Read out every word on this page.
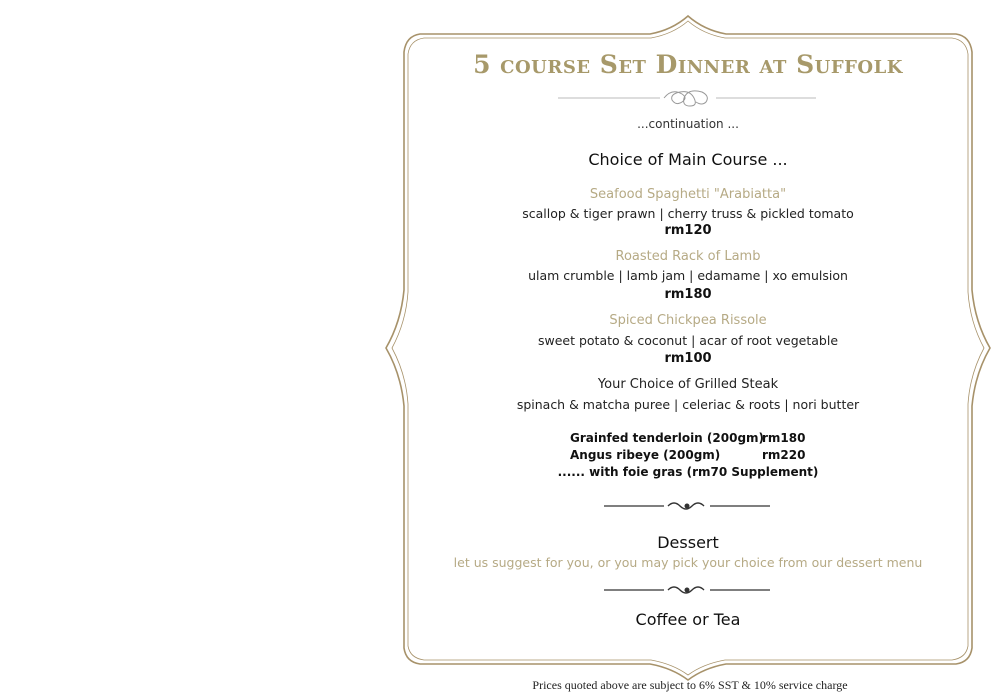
5 course Set Dinner at Suffolk
...continuation ...
Choice of Main Course ...
Seafood Spaghetti "Arabiatta"
scallop & tiger prawn | cherry truss & pickled tomato
rm120
Roasted Rack of Lamb
ulam crumble | lamb jam | edamame | xo emulsion
rm180
Spiced Chickpea Rissole
sweet potato & coconut | acar of root vegetable
rm100
Your Choice of Grilled Steak
spinach & matcha puree | celeriac & roots | nori butter
Grainfed tenderloin (200gm)
rm180
Angus ribeye (200gm)	rm220
...... with foie gras (rm70 Supplement)
Dessert
let us suggest for you, or you may pick your choice from our dessert menu
Coffee or Tea
Prices quoted above are subject to 6% SST & 10% service charge
